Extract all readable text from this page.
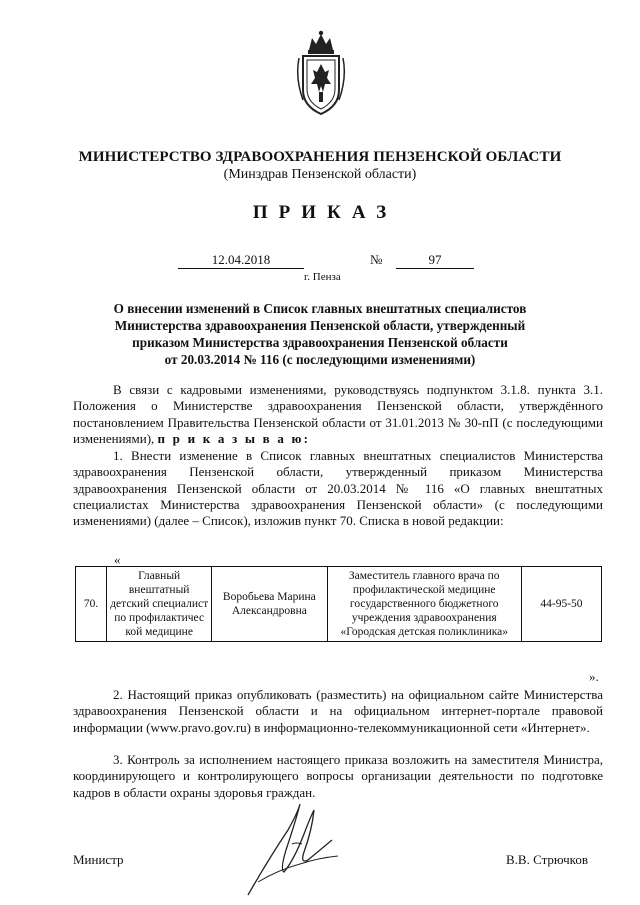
МИНИСТЕРСТВО ЗДРАВООХРАНЕНИЯ ПЕНЗЕНСКОЙ ОБЛАСТИ
(Минздрав Пензенской области)
ПРИКАЗ
12.04.2018	№	97
г. Пенза
О внесении изменений в Список главных внештатных специалистов
Министерства здравоохранения Пензенской области, утвержденный
приказом Министерства здравоохранения Пензенской области
от 20.03.2014 № 116 (с последующими изменениями)

В связи с кадровыми изменениями, руководствуясь подпунктом 3.1.8. пункта 3.1. Положения о Министерстве здравоохранения Пензенской области, утверждённого постановлением Правительства Пензенской области от 31.01.2013 № 30-пП (с последующими изменениями), п р и к а з ы в а ю:

1. Внести изменение в Список главных внештатных специалистов Министерства здравоохранения Пензенской области, утвержденный приказом Министерства здравоохранения Пензенской области от 20.03.2014 № 116 «О главных внештатных специалистах Министерства здравоохранения Пензенской области» (с последующими изменениями) (далее – Список), изложив пункт 70. Списка в новой редакции:

«
70.	Главный внештатный детский специалист по профилактичес кой медицине	Воробьева Марина Александровна	Заместитель главного врача по профилактической медицине государственного бюджетного учреждения здравоохранения «Городская детская поликлиника»	44-95-50
».

2. Настоящий приказ опубликовать (разместить) на официальном сайте Министерства здравоохранения Пензенской области и на официальном интернет-портале правовой информации (www.pravo.gov.ru) в информационно-телекоммуникационной сети «Интернет».

3. Контроль за исполнением настоящего приказа возложить на заместителя Министра, координирующего и контролирующего вопросы организации деятельности по подготовке кадров в области охраны здоровья граждан.

Министр	В.В. Стрючков
